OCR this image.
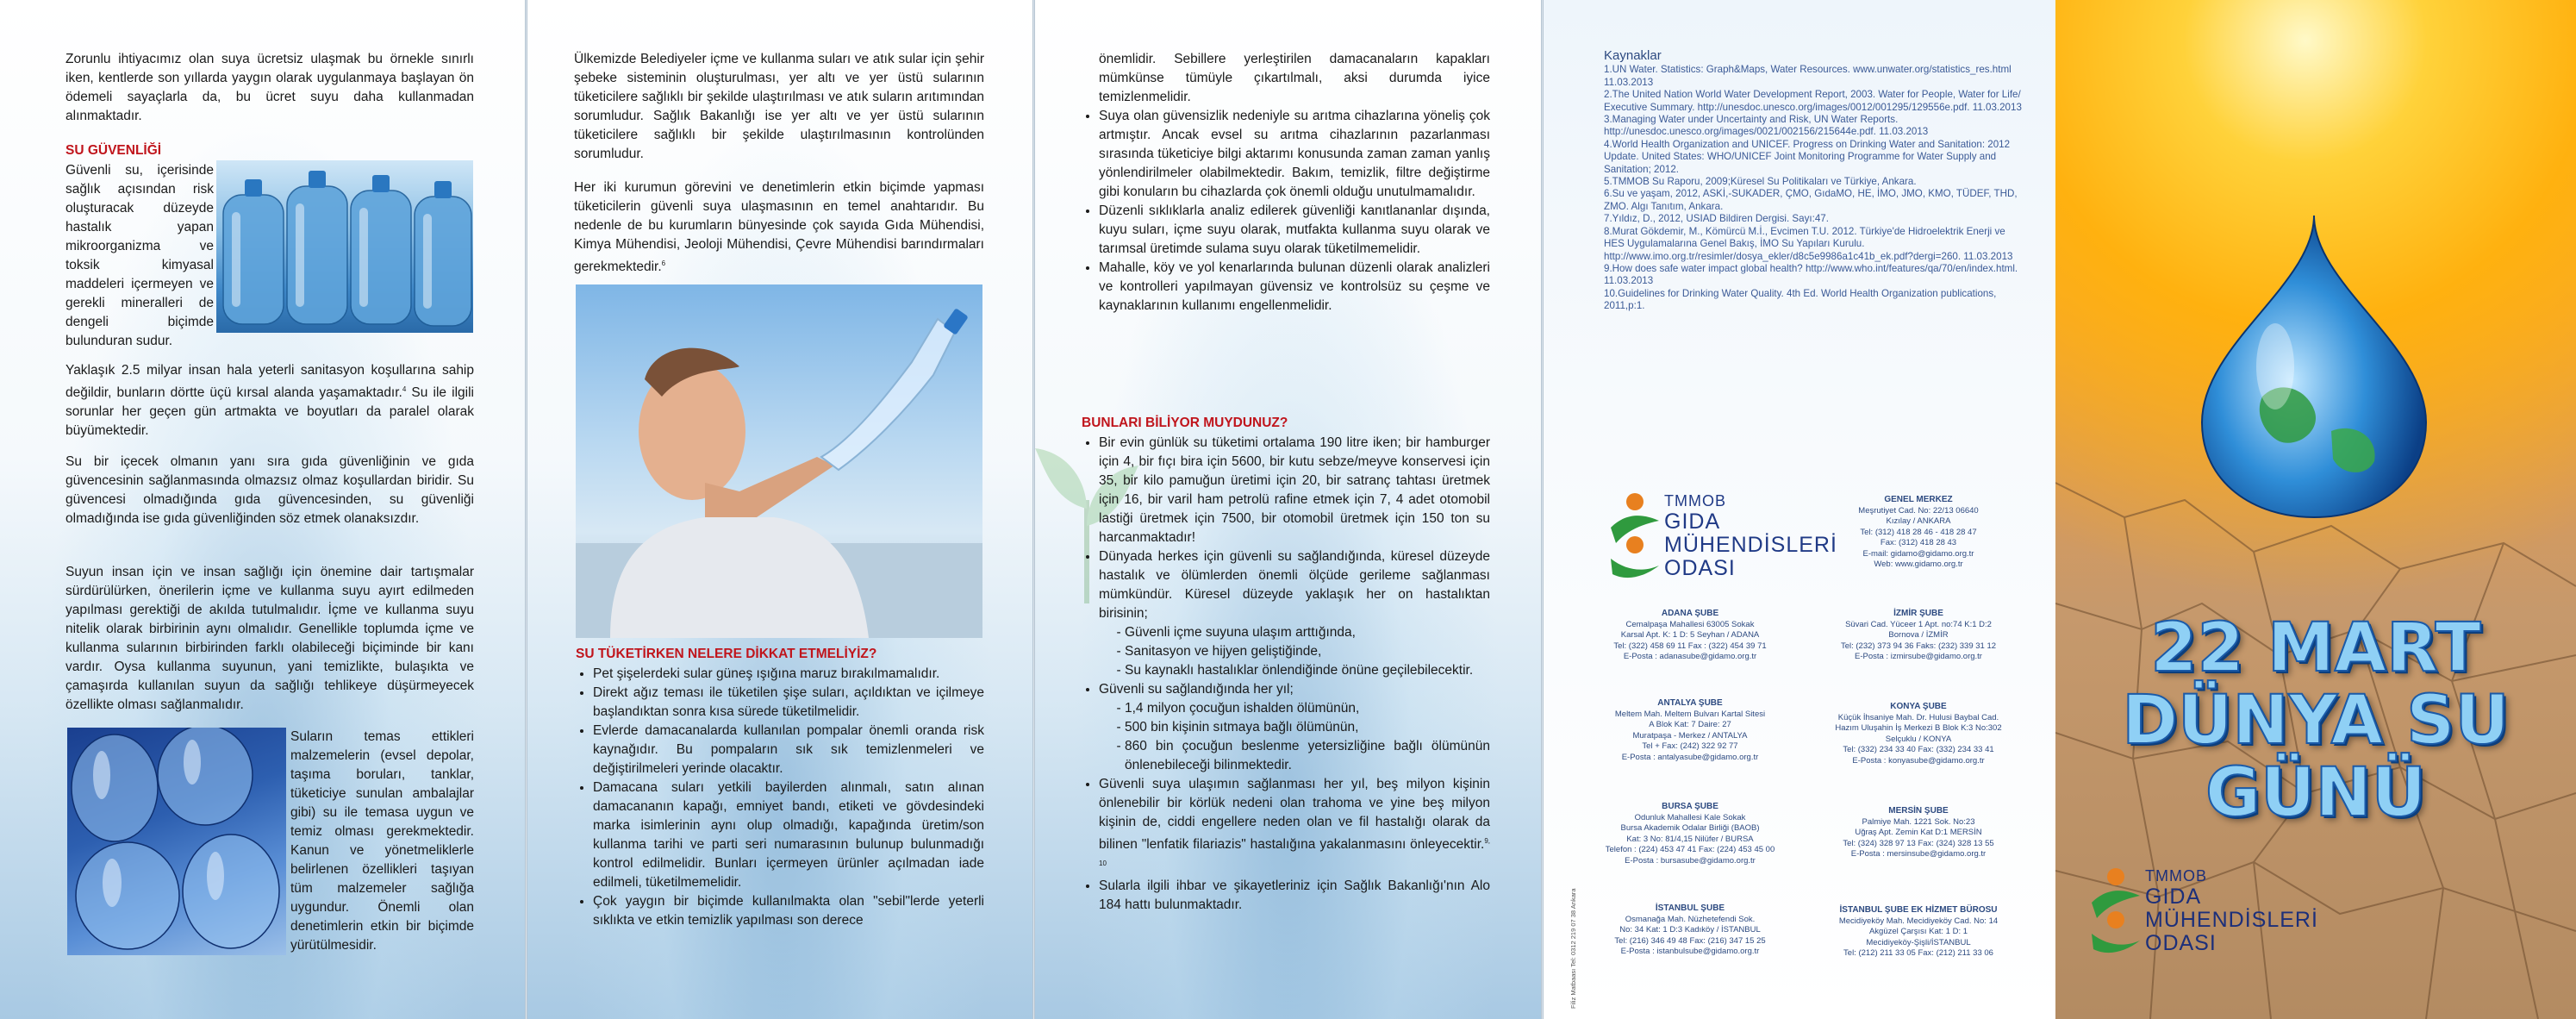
Zorunlu ihtiyacımız olan suya ücretsiz ulaşmak bu örnekle sınırlı iken, kentlerde son yıllarda yaygın olarak uygulanmaya başlayan ön ödemeli sayaçlarla da, bu ücret suyu daha kullanmadan alınmaktadır.
SU GÜVENLİĞİ
Güvenli su, içerisinde sağlık açısından risk oluşturacak düzeyde hastalık yapan mikroorganizma ve toksik kimyasal maddeleri içermeyen ve gerekli mineralleri de dengeli biçimde bulunduran sudur.
Yaklaşık 2.5 milyar insan hala yeterli sanitasyon koşullarına sahip değildir, bunların dörtte üçü kırsal alanda yaşamaktadır.$^4$ Su ile ilgili sorunlar her geçen gün artmakta ve boyutları da paralel olarak büyümektedir.
Su bir içecek olmanın yanı sıra gıda güvenliğinin ve gıda güvencesinin sağlanmasında olmazsız olmaz koşullardan biridir. Su güvencesi olmadığında gıda güvencesinden, su güvenliği olmadığında ise gıda güvenliğinden söz etmek olanaksızdır.
Suyun insan için ve insan sağlığı için önemine dair tartışmalar sürdürülürken, önerilerin içme ve kullanma suyu ayırt edilmeden yapılması gerektiği de akılda tutulmalıdır. İçme ve kullanma suyu nitelik olarak birbirinin aynı olmalıdır. Genellikle toplumda içme ve kullanma sularının birbirinden farklı olabileceği biçiminde bir kanı vardır. Oysa kullanma suyunun, yani temizlikte, bulaşıkta ve çamaşırda kullanılan suyun da sağlığı tehlikeye düşürmeyecek özellikte olması sağlanmalıdır.
Suların temas ettikleri malzemelerin (evsel depolar, taşıma boruları, tanklar, tüketiciye sunulan ambalajlar gibi) su ile temasa uygun ve temiz olması gerekmektedir. Kanun ve yönetmeliklerle belirlenen özellikleri taşıyan tüm malzemeler sağlığa uygundur. Önemli olan denetimlerin etkin bir biçimde yürütülmesidir.
Ülkemizde Belediyeler içme ve kullanma suları ve atık sular için şehir şebeke sisteminin oluşturulması, yer altı ve yer üstü sularının tüketicilere sağlıklı bir şekilde ulaştırılması ve atık suların arıtımından sorumludur. Sağlık Bakanlığı ise yer altı ve yer üstü sularının tüketicilere sağlıklı bir şekilde ulaştırılmasının kontrolünden sorumludur.
Her iki kurumun görevini ve denetimlerin etkin biçimde yapması tüketicilerin güvenli suya ulaşmasının en temel anahtarıdır. Bu nedenle de bu kurumların bünyesinde çok sayıda Gıda Mühendisi, Kimya Mühendisi, Jeoloji Mühendisi, Çevre Mühendisi barındırmaları gerekmektedir.$^6$
SU TÜKETİRKEN NELERE DİKKAT ETMELİYİZ?
• Pet şişelerdeki sular güneş ışığına maruz bırakılmamalıdır.
• Direkt ağız teması ile tüketilen şişe suları, açıldıktan ve içilmeye başlandıktan sonra kısa sürede tüketilmelidir.
• Evlerde damacanalarda kullanılan pompalar önemli oranda risk kaynağıdır. Bu pompaların sık sık temizlenmeleri ve değiştirilmeleri yerinde olacaktır.
• Damacana suları yetkili bayilerden alınmalı, satın alınan damacananın kapağı, emniyet bandı, etiketi ve gövdesindeki marka isimlerinin aynı olup olmadığı, kapağında üretim/son kullanma tarihi ve parti seri numarasının bulunup bulunmadığı kontrol edilmelidir. Bunları içermeyen ürünler açılmadan iade edilmeli, tüketilmemelidir.
• Çok yaygın bir biçimde kullanılmakta olan "sebil"lerde yeterli sıklıkta ve etkin temizlik yapılması son derece
önemlidir. Sebillere yerleştirilen damacanaların kapakları mümkünse tümüyle çıkartılmalı, aksi durumda iyice temizlenmelidir.
• Suya olan güvensizlik nedeniyle su arıtma cihazlarına yöneliş çok artmıştır. Ancak evsel su arıtma cihazlarının pazarlanması sırasında tüketiciye bilgi aktarımı konusunda zaman zaman yanlış yönlendirilmeler olabilmektedir. Bakım, temizlik, filtre değiştirme gibi konuların bu cihazlarda çok önemli olduğu unutulmamalıdır.
• Düzenli sıklıklarla analiz edilerek güvenliği kanıtlananlar dışında, kuyu suları, içme suyu olarak, mutfakta kullanma suyu olarak ve tarımsal üretimde sulama suyu olarak tüketilmemelidir.
• Mahalle, köy ve yol kenarlarında bulunan düzenli olarak analizleri ve kontrolleri yapılmayan güvensiz ve kontrolsüz su çeşme ve kaynaklarının kullanımı engellenmelidir.
BUNLARI BİLİYOR MUYDUNUZ?
• Bir evin günlük su tüketimi ortalama 190 litre iken; bir hamburger için 4, bir fıçı bira için 5600, bir kutu sebze/meyve konservesi için 35, bir kilo pamuğun üretimi için 20, bir satranç tahtası üretmek için 16, bir varil ham petrolü rafine etmek için 7, 4 adet otomobil lastiği üretmek için 7500, bir otomobil üretmek için 150 ton su harcanmaktadır!
• Dünyada herkes için güvenli su sağlandığında, küresel düzeyde hastalık ve ölümlerden önemli ölçüde gerileme sağlanması mümkündür. Küresel düzeyde yaklaşık her on hastalıktan birisinin;
- Güvenli içme suyuna ulaşım arttığında,
- Sanitasyon ve hijyen geliştiğinde,
- Su kaynaklı hastalıklar önlendiğinde önüne geçilebilecektir.
• Güvenli su sağlandığında her yıl;
- 1,4 milyon çocuğun ishalden ölümünün,
- 500 bin kişinin sıtmaya bağlı ölümünün,
- 860 bin çocuğun beslenme yetersizliğine bağlı ölümünün önlenebileceği bilinmektedir.
• Güvenli suya ulaşımın sağlanması her yıl, beş milyon kişinin önlenebilir bir körlük nedeni olan trahoma ve yine beş milyon kişinin de, ciddi engellere neden olan ve fil hastalığı olarak da bilinen "lenfatik filariazis" hastalığına yakalanmasını önleyecektir.$^{9, 10}$
• Sularla ilgili ihbar ve şikayetleriniz için Sağlık Bakanlığı'nın Alo 184 hattı bulunmaktadır.
Kaynaklar
1.UN Water. Statistics: Graph&Maps, Water Resources. www.unwater.org/statistics_res.html 11.03.2013
2.The United Nation World Water Development Report, 2003. Water for People, Water for Life/ Executive Summary. http://unesdoc.unesco.org/images/0012/001295/129556e.pdf. 11.03.2013
3.Managing Water under Uncertainty and Risk, UN Water Reports. http://unesdoc.unesco.org/images/0021/002156/215644e.pdf. 11.03.2013
4.World Health Organization and UNICEF. Progress on Drinking Water and Sanitation: 2012 Update. United States: WHO/UNICEF Joint Monitoring Programme for Water Supply and Sanitation; 2012.
5.TMMOB Su Raporu, 2009;Küresel Su Politikaları ve Türkiye, Ankara.
6.Su ve yaşam, 2012, ASKİ,-SUKADER, ÇMO, GıdaMO, HE, İMO, JMO, KMO, TÜDEF, THD, ZMO. Algı Tanıtım, Ankara.
7.Yıldız, D., 2012, USIAD Bildiren Dergisi. Sayı:47.
8.Murat Gökdemir, M., Kömürcü M.İ., Evcimen T.U. 2012. Türkiye'de Hidroelektrik Enerji ve HES Uygulamalarına Genel Bakış, İMO Su Yapıları Kurulu. http://www.imo.org.tr/resimler/dosya_ekler/d8c5e9986a1c41b_ek.pdf?dergi=260. 11.03.2013
9.How does safe water impact global health? http://www.who.int/features/qa/70/en/index.html. 11.03.2013
10.Guidelines for Drinking Water Quality. 4th Ed. World Health Organization publications, 2011,p:1.
TMMOB
GIDA
MÜHENDİSLERİ
ODASI
Filiz Matbaası Tel: 0312 219 07 38 Ankara
GENEL MERKEZ
Meşrutiyet Cad. No: 22/13 06640
Kızılay / ANKARA
Tel: (312) 418 28 46 - 418 28 47
Fax: (312) 418 28 43
E-mail: gidamo@gidamo.org.tr
Web: www.gidamo.org.tr
ADANA ŞUBE
Cemalpaşa Mahallesi 63005 Sokak
Karsal Apt. K: 1 D: 5 Seyhan / ADANA
Tel: (322) 458 69 11 Fax : (322) 454 39 71
E-Posta : adanasube@gidamo.org.tr
İZMİR ŞUBE
Süvari Cad. Yüceer 1 Apt. no:74 K:1 D:2
Bornova / İZMİR
Tel: (232) 373 94 36 Faks: (232) 339 31 12
E-Posta : izmirsube@gidamo.org.tr
ANTALYA ŞUBE
Meltem Mah. Meltem Bulvarı Kartal Sitesi
A Blok Kat: 7 Daire: 27
Muratpaşa - Merkez / ANTALYA
Tel + Fax: (242) 322 92 77
E-Posta : antalyasube@gidamo.org.tr
KONYA ŞUBE
Küçük İhsaniye Mah. Dr. Hulusi Baybal Cad.
Hazım Uluşahin İş Merkezi B Blok K:3 No:302
Selçuklu / KONYA
Tel: (332) 234 33 40 Fax: (332) 234 33 41
E-Posta : konyasube@gidamo.org.tr
BURSA ŞUBE
Odunluk Mahallesi Kale Sokak
Bursa Akademik Odalar Birliği (BAOB)
Kat: 3 No: 81/4,15 Nilüfer / BURSA
Telefon : (224) 453 47 41 Fax: (224) 453 45 00
E-Posta : bursasube@gidamo.org.tr
MERSİN ŞUBE
Palmiye Mah. 1221 Sok. No:23
Uğraş Apt. Zemin Kat D:1 MERSİN
Tel: (324) 328 97 13 Fax: (324) 328 13 55
E-Posta : mersinsube@gidamo.org.tr
İSTANBUL ŞUBE
Osmanağa Mah. Nüzhetefendi Sok.
No: 34 Kat: 1 D:3 Kadıköy / İSTANBUL
Tel: (216) 346 49 48 Fax: (216) 347 15 25
E-Posta : istanbulsube@gidamo.org.tr
İSTANBUL ŞUBE EK HİZMET BÜROSU
Mecidiyeköy Mah. Mecidiyeköy Cad. No: 14
Akgüzel Çarşısı Kat: 1 D: 1
Mecidiyeköy-Şişli/İSTANBUL
Tel: (212) 211 33 05 Fax: (212) 211 33 06
22 MART
DÜNYA SU
GÜNÜ
TMMOB
GIDA
MÜHENDİSLERİ
ODASI
